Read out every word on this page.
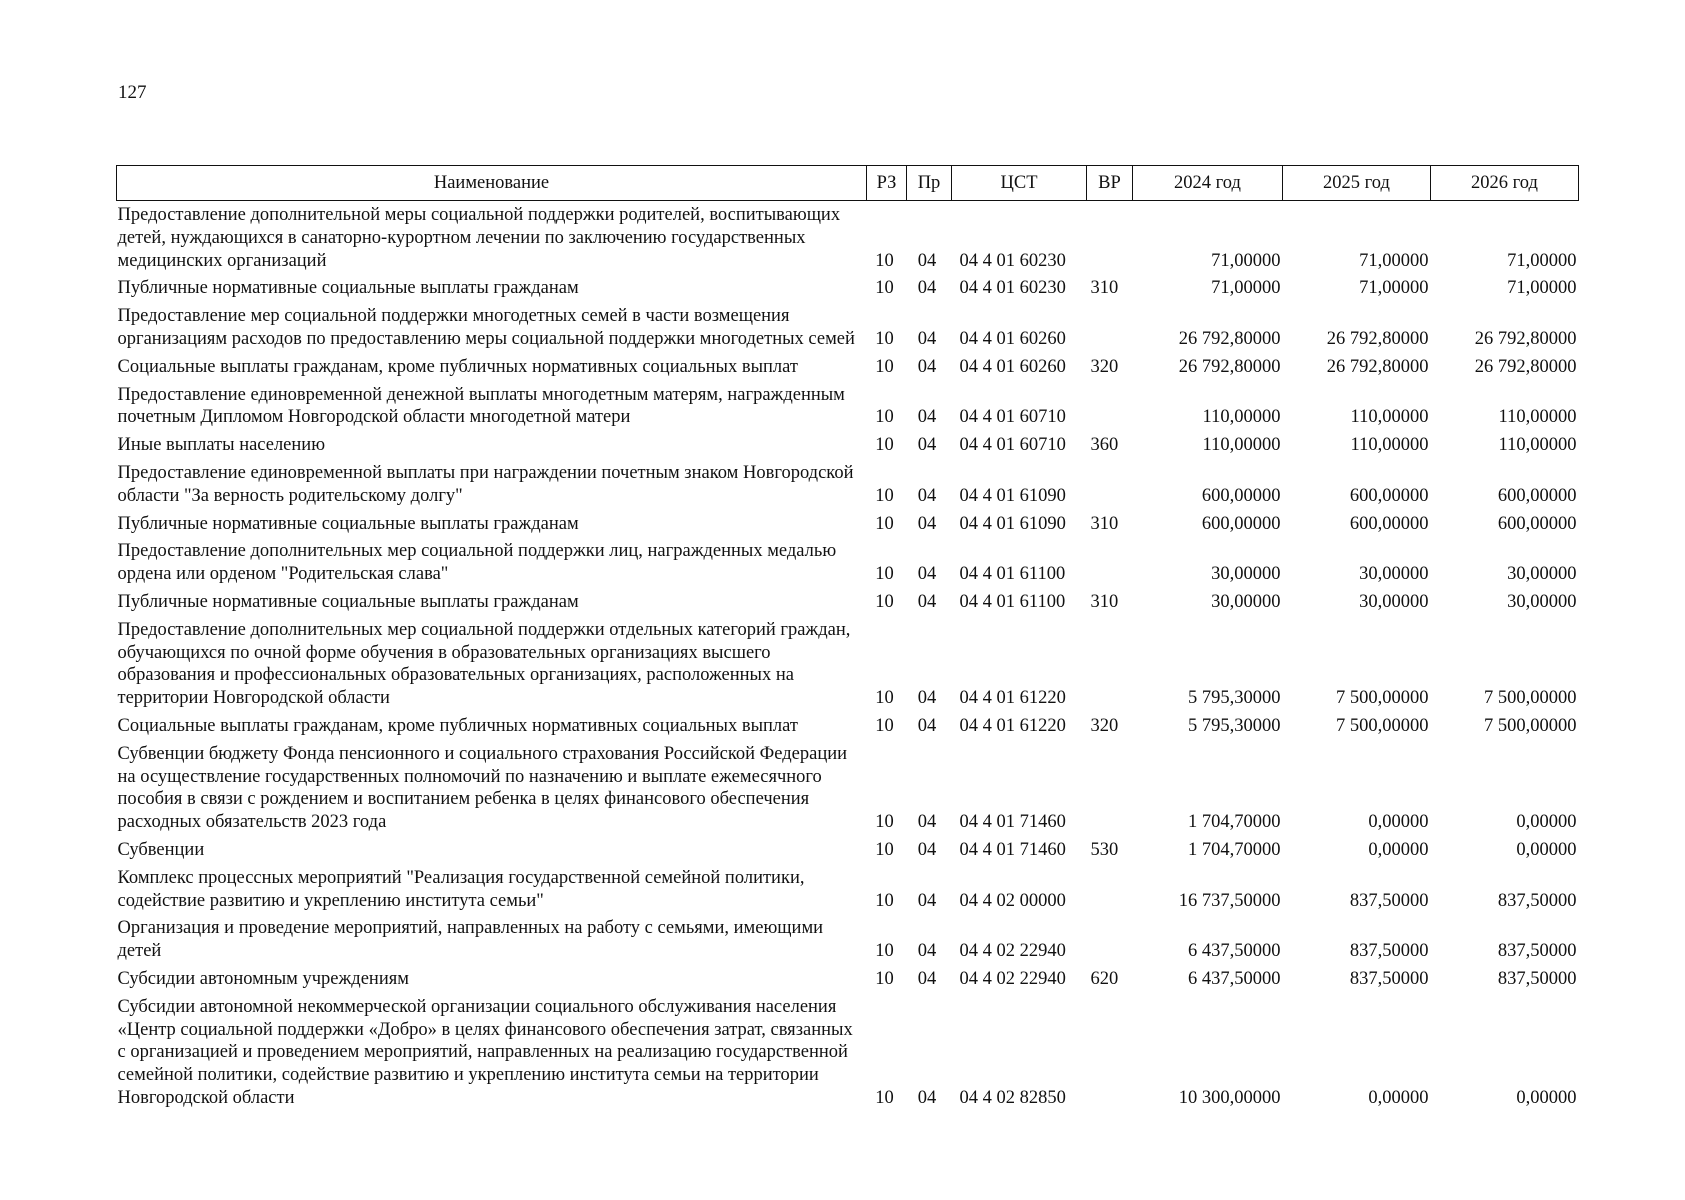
127
Наименование	РЗ	Пр	ЦСТ	ВР	2024 год	2025 год	2026 год
Предоставление дополнительной меры социальной поддержки родителей, воспитывающих детей, нуждающихся в санаторно-курортном лечении по заключению государственных медицинских организаций	10	04	04 4 01 60230		71,00000	71,00000	71,00000
Публичные нормативные социальные выплаты гражданам	10	04	04 4 01 60230	310	71,00000	71,00000	71,00000
Предоставление мер социальной поддержки многодетных семей в части возмещения организациям расходов по предоставлению меры социальной поддержки многодетных семей	10	04	04 4 01 60260		26 792,80000	26 792,80000	26 792,80000
Социальные выплаты гражданам, кроме публичных нормативных социальных выплат	10	04	04 4 01 60260	320	26 792,80000	26 792,80000	26 792,80000
Предоставление единовременной денежной выплаты многодетным матерям, награжденным почетным Дипломом Новгородской области многодетной матери	10	04	04 4 01 60710		110,00000	110,00000	110,00000
Иные выплаты населению	10	04	04 4 01 60710	360	110,00000	110,00000	110,00000
Предоставление единовременной выплаты при награждении почетным знаком Новгородской области "За верность родительскому долгу"	10	04	04 4 01 61090		600,00000	600,00000	600,00000
Публичные нормативные социальные выплаты гражданам	10	04	04 4 01 61090	310	600,00000	600,00000	600,00000
Предоставление дополнительных мер социальной поддержки лиц, награжденных медалью ордена или орденом "Родительская слава"	10	04	04 4 01 61100		30,00000	30,00000	30,00000
Публичные нормативные социальные выплаты гражданам	10	04	04 4 01 61100	310	30,00000	30,00000	30,00000
Предоставление дополнительных мер социальной поддержки отдельных категорий граждан, обучающихся по очной форме обучения в образовательных организациях высшего образования и профессиональных образовательных организациях, расположенных на территории Новгородской области	10	04	04 4 01 61220		5 795,30000	7 500,00000	7 500,00000
Социальные выплаты гражданам, кроме публичных нормативных социальных выплат	10	04	04 4 01 61220	320	5 795,30000	7 500,00000	7 500,00000
Субвенции бюджету Фонда пенсионного и социального страхования Российской Федерации на осуществление государственных полномочий по назначению и выплате ежемесячного пособия в связи с рождением и воспитанием ребенка в целях финансового обеспечения расходных обязательств 2023 года	10	04	04 4 01 71460		1 704,70000	0,00000	0,00000
Субвенции	10	04	04 4 01 71460	530	1 704,70000	0,00000	0,00000
Комплекс процессных мероприятий "Реализация государственной семейной политики, содействие развитию и укреплению института семьи"	10	04	04 4 02 00000		16 737,50000	837,50000	837,50000
Организация и проведение мероприятий, направленных на работу с семьями, имеющими детей	10	04	04 4 02 22940		6 437,50000	837,50000	837,50000
Субсидии автономным учреждениям	10	04	04 4 02 22940	620	6 437,50000	837,50000	837,50000
Субсидии автономной некоммерческой организации социального обслуживания населения «Центр социальной поддержки «Добро» в целях финансового обеспечения затрат, связанных с организацией и проведением мероприятий, направленных на реализацию государственной семейной политики, содействие развитию и укреплению института семьи на территории Новгородской области	10	04	04 4 02 82850		10 300,00000	0,00000	0,00000
